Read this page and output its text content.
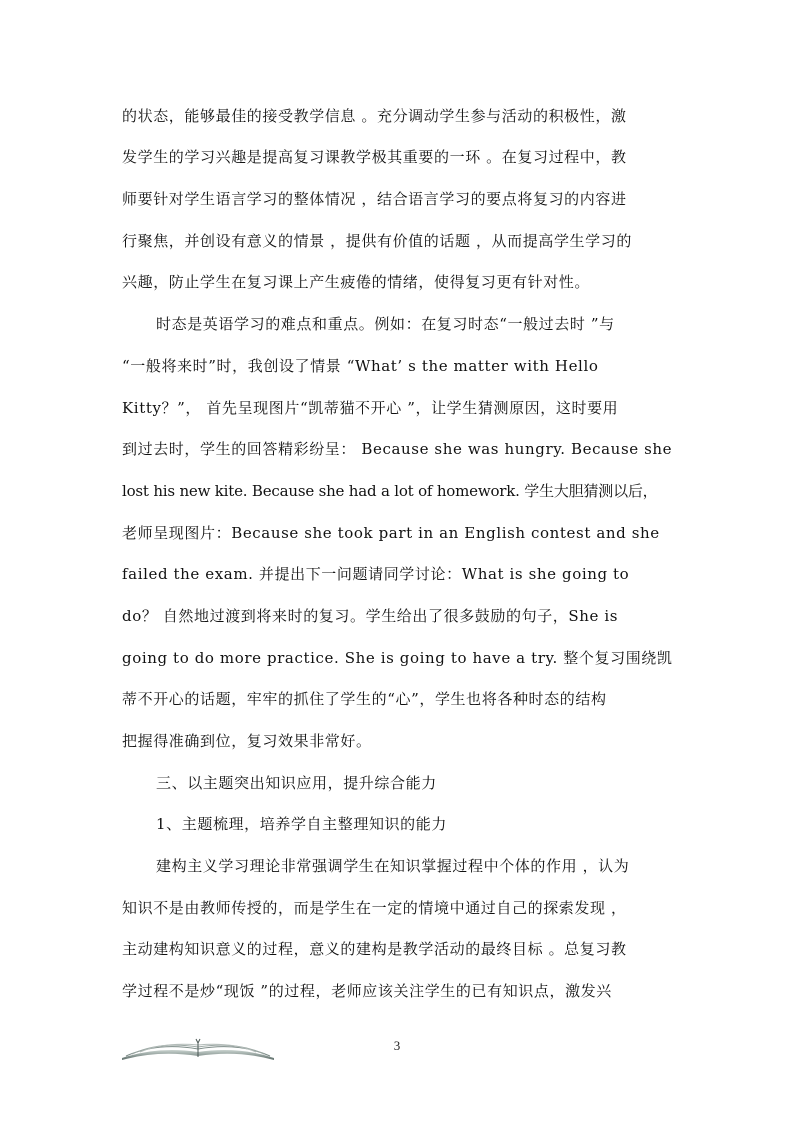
的状态，能够最佳的接受教学信息 。充分调动学生参与活动的积极性，激
发学生的学习兴趣是提高复习课教学极其重要的一环 。在复习过程中，教
师要针对学生语言学习的整体情况 ，结合语言学习的要点将复习的内容进
行聚焦，并创设有意义的情景 ，提供有价值的话题 ，从而提高学生学习的
兴趣，防止学生在复习课上产生疲倦的情绪，使得复习更有针对性。
时态是英语学习的难点和重点。例如：在复习时态“一般过去时 ”与
“一般将来时”时，我创设了情景 “What’ s the matter with Hello
Kitty？”， 首先呈现图片“凯蒂猫不开心 ”，让学生猜测原因，这时要用
到过去时，学生的回答精彩纷呈： Because she was hungry. Because she
lost his new kite. Because she had a lot of homework. 学生大胆猜测以后，
老师呈现图片：Because she took part in an English contest and she
failed the exam. 并提出下一问题请同学讨论：What is she going to
do？ 自然地过渡到将来时的复习。学生给出了很多鼓励的句子，She is
going to do more practice. She is going to have a try. 整个复习围绕凯
蒂不开心的话题，牢牢的抓住了学生的“心”，学生也将各种时态的结构
把握得准确到位，复习效果非常好。
三、以主题突出知识应用，提升综合能力
1、主题梳理，培养学自主整理知识的能力
建构主义学习理论非常强调学生在知识掌握过程中个体的作用 ，认为
知识不是由教师传授的，而是学生在一定的情境中通过自己的探索发现 ，
主动建构知识意义的过程，意义的建构是教学活动的最终目标 。总复习教
学过程不是炒“现饭 ”的过程，老师应该关注学生的已有知识点，激发兴
3
